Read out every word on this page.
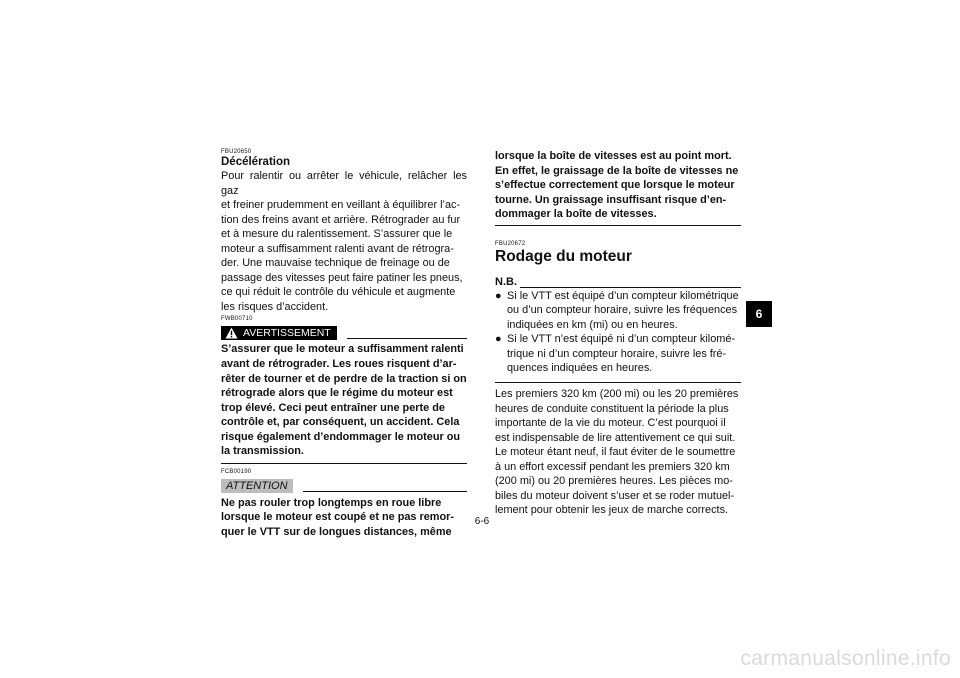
FBU20650
Décélération
Pour ralentir ou arrêter le véhicule, relâcher les gaz
et freiner prudemment en veillant à équilibrer l’ac-
tion des freins avant et arrière. Rétrograder au fur
et à mesure du ralentissement. S’assurer que le
moteur a suffisamment ralenti avant de rétrogra-
der. Une mauvaise technique de freinage ou de
passage des vitesses peut faire patiner les pneus,
ce qui réduit le contrôle du véhicule et augmente
les risques d’accident.
FWB00710
AVERTISSEMENT
S’assurer que le moteur a suffisamment ralenti
avant de rétrograder. Les roues risquent d’ar-
rêter de tourner et de perdre de la traction si on
rétrograde alors que le régime du moteur est
trop élevé. Ceci peut entraîner une perte de
contrôle et, par conséquent, un accident. Cela
risque également d’endommager le moteur ou
la transmission.
FCB00190
ATTENTION
Ne pas rouler trop longtemps en roue libre
lorsque le moteur est coupé et ne pas remor-
quer le VTT sur de longues distances, même
lorsque la boîte de vitesses est au point mort.
En effet, le graissage de la boîte de vitesses ne
s’effectue correctement que lorsque le moteur
tourne. Un graissage insuffisant risque d’en-
dommager la boîte de vitesses.
FBU20672
Rodage du moteur
N.B.
● Si le VTT est équipé d’un compteur kilométrique
ou d’un compteur horaire, suivre les fréquences
indiquées en km (mi) ou en heures.
● Si le VTT n’est équipé ni d’un compteur kilomé-
trique ni d’un compteur horaire, suivre les fré-
quences indiquées en heures.
Les premiers 320 km (200 mi) ou les 20 premières
heures de conduite constituent la période la plus
importante de la vie du moteur. C’est pourquoi il
est indispensable de lire attentivement ce qui suit.
Le moteur étant neuf, il faut éviter de le soumettre
à un effort excessif pendant les premiers 320 km
(200 mi) ou 20 premières heures. Les pièces mo-
biles du moteur doivent s’user et se roder mutuel-
lement pour obtenir les jeux de marche corrects.
6
6-6
carmanualsonline.info
